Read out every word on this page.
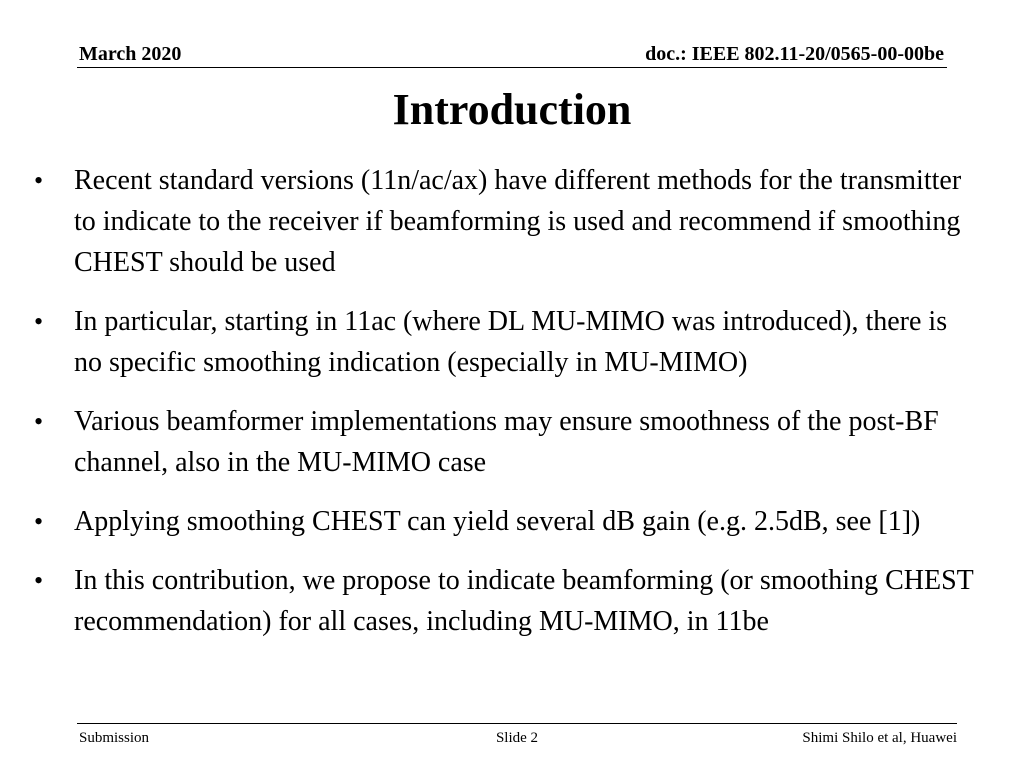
March 2020	doc.: IEEE 802.11-20/0565-00-00be
Introduction
• Recent standard versions (11n/ac/ax) have different methods for the transmitter to indicate to the receiver if beamforming is used and recommend if smoothing CHEST should be used
• In particular, starting in 11ac (where DL MU-MIMO was introduced), there is no specific smoothing indication (especially in MU-MIMO)
• Various beamformer implementations may ensure smoothness of the post-BF channel, also in the MU-MIMO case
• Applying smoothing CHEST can yield several dB gain (e.g. 2.5dB, see [1])
• In this contribution, we propose to indicate beamforming (or smoothing CHEST recommendation) for all cases, including MU-MIMO, in 11be
Submission	Slide 2	Shimi Shilo et al, Huawei
